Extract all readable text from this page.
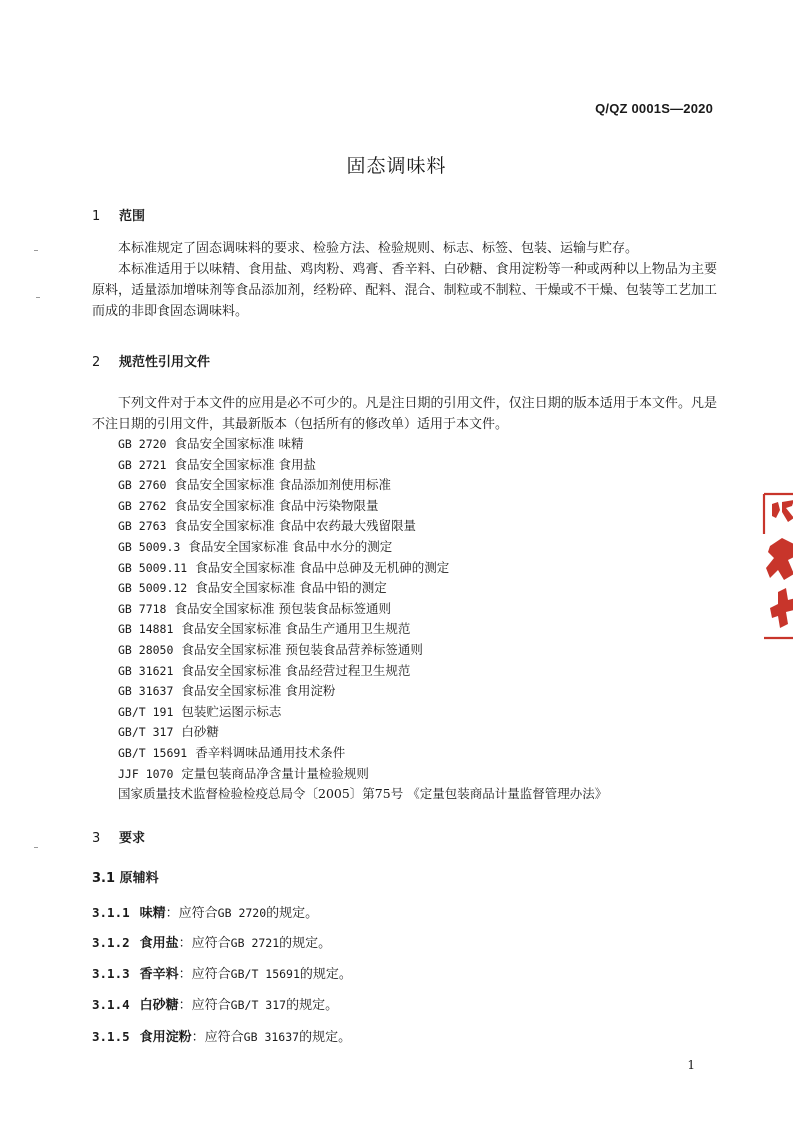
Q/QZ 0001S—2020
固态调味料
1 范围

本标准规定了固态调味料的要求、检验方法、检验规则、标志、标签、包装、运输与贮存。

本标准适用于以味精、食用盐、鸡肉粉、鸡膏、香辛料、白砂糖、食用淀粉等一种或两种以上物品为主要原料，适量添加增味剂等食品添加剂，经粉碎、配料、混合、制粒或不制粒、干燥或不干燥、包装等工艺加工而成的非即食固态调味料。

2 规范性引用文件

下列文件对于本文件的应用是必不可少的。凡是注日期的引用文件，仅注日期的版本适用于本文件。凡是不注日期的引用文件，其最新版本（包括所有的修改单）适用于本文件。

GB 2720 食品安全国家标准 味精
GB 2721 食品安全国家标准 食用盐
GB 2760 食品安全国家标准 食品添加剂使用标准
GB 2762 食品安全国家标准 食品中污染物限量
GB 2763 食品安全国家标准 食品中农药最大残留限量
GB 5009.3 食品安全国家标准 食品中水分的测定
GB 5009.11 食品安全国家标准 食品中总砷及无机砷的测定
GB 5009.12 食品安全国家标准 食品中铅的测定
GB 7718 食品安全国家标准 预包装食品标签通则
GB 14881 食品安全国家标准 食品生产通用卫生规范
GB 28050 食品安全国家标准 预包装食品营养标签通则
GB 31621 食品安全国家标准 食品经营过程卫生规范
GB 31637 食品安全国家标准 食用淀粉
GB/T 191 包装贮运图示标志
GB/T 317 白砂糖
GB/T 15691 香辛料调味品通用技术条件
JJF 1070 定量包装商品净含量计量检验规则
国家质量技术监督检验检疫总局令〔2005〕第75号 《定量包装商品计量监督管理办法》
3 要求
3.1 原辅料
3.1.1 味精：应符合GB 2720的规定。
3.1.2 食用盐：应符合GB 2721的规定。
3.1.3 香辛料：应符合GB/T 15691的规定。
3.1.4 白砂糖：应符合GB/T 317的规定。
3.1.5 食用淀粉：应符合GB 31637的规定。
1
